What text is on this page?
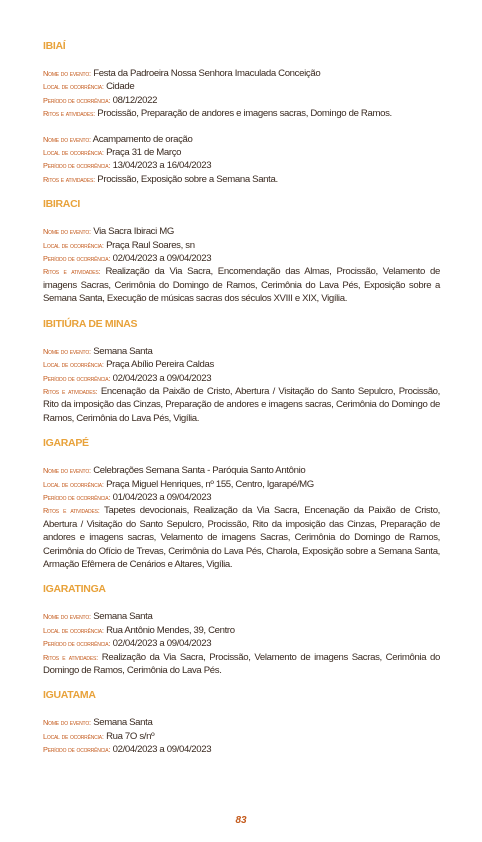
IBIAÍ
Nome do evento: Festa da Padroeira Nossa Senhora Imaculada Conceição
Local de ocorrência: Cidade
Período de ocorrência: 08/12/2022
Ritos e atividades: Procissão, Preparação de andores e imagens sacras, Domingo de Ramos.
Nome do evento: Acampamento de oração
Local de ocorrência: Praça 31 de Março
Período de ocorrência: 13/04/2023 a 16/04/2023
Ritos e atividades: Procissão, Exposição sobre a Semana Santa.
IBIRACI
Nome do evento: Via Sacra Ibiraci MG
Local de ocorrência: Praça Raul Soares, sn
Período de ocorrência: 02/04/2023 a 09/04/2023
Ritos e atividades: Realização da Via Sacra, Encomendação das Almas, Procissão, Velamento de imagens Sacras, Cerimônia do Domingo de Ramos, Cerimônia do Lava Pés, Exposição sobre a Semana Santa, Execução de músicas sacras dos séculos XVIII e XIX, Vigília.
IBITIÚRA DE MINAS
Nome do evento: Semana Santa
Local de ocorrência: Praça Abílio Pereira Caldas
Período de ocorrência: 02/04/2023 a 09/04/2023
Ritos e atividades: Encenação da Paixão de Cristo, Abertura / Visitação do Santo Sepulcro, Procissão, Rito da imposição das Cinzas, Preparação de andores e imagens sacras, Cerimônia do Domingo de Ramos, Cerimônia do Lava Pés, Vigília.
IGARAPÉ
Nome do evento: Celebrações Semana Santa - Paróquia Santo Antônio
Local de ocorrência: Praça Miguel Henriques, nº 155, Centro, Igarapé/MG
Período de ocorrência: 01/04/2023 a 09/04/2023
Ritos e atividades: Tapetes devocionais, Realização da Via Sacra, Encenação da Paixão de Cristo, Abertura / Visitação do Santo Sepulcro, Procissão, Rito da imposição das Cinzas, Preparação de andores e imagens sacras, Velamento de imagens Sacras, Cerimônia do Domingo de Ramos, Cerimônia do Ofício de Trevas, Cerimônia do Lava Pés, Charola, Exposição sobre a Semana Santa, Armação Efêmera de Cenários e Altares, Vigília.
IGARATINGA
Nome do evento: Semana Santa
Local de ocorrência: Rua Antônio Mendes, 39, Centro
Período de ocorrência: 02/04/2023 a 09/04/2023
Ritos e atividades: Realização da Via Sacra, Procissão, Velamento de imagens Sacras, Cerimônia do Domingo de Ramos, Cerimônia do Lava Pés.
IGUATAMA
Nome do evento: Semana Santa
Local de ocorrência: Rua 7O s/nº
Período de ocorrência: 02/04/2023 a 09/04/2023
83
